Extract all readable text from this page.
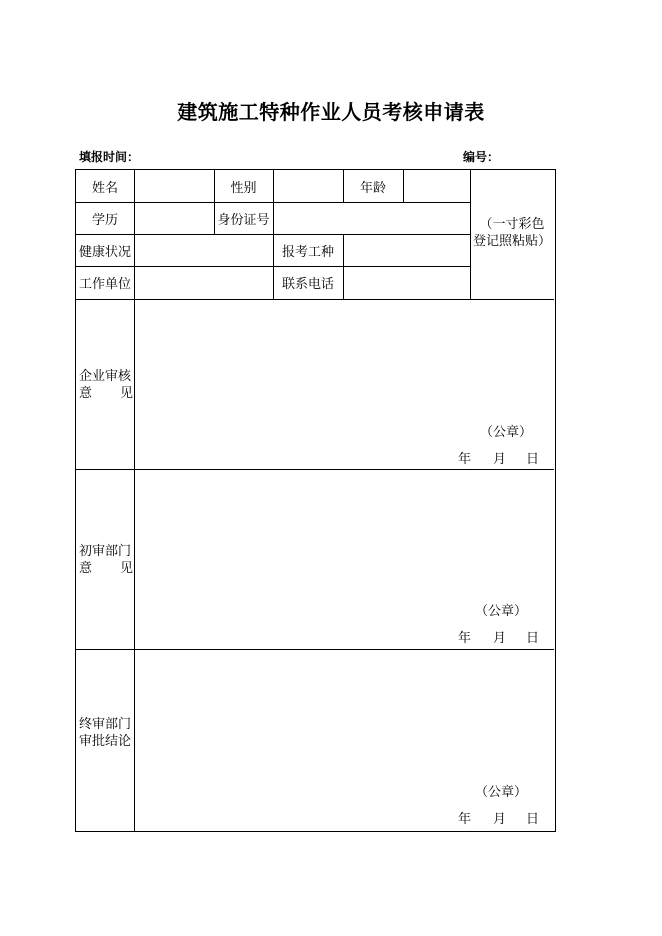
建筑施工特种作业人员考核申请表
填报时间：	编号：
姓名	性别	年龄
学历	身份证号
健康状况	报考工种
工作单位	联系电话
（一寸彩色
登记照粘贴）
企业审核
意 见
（公章）
年	月	日
初审部门
意 见
（公章）
年	月	日
终审部门
审批结论
（公章）
年	月	日
